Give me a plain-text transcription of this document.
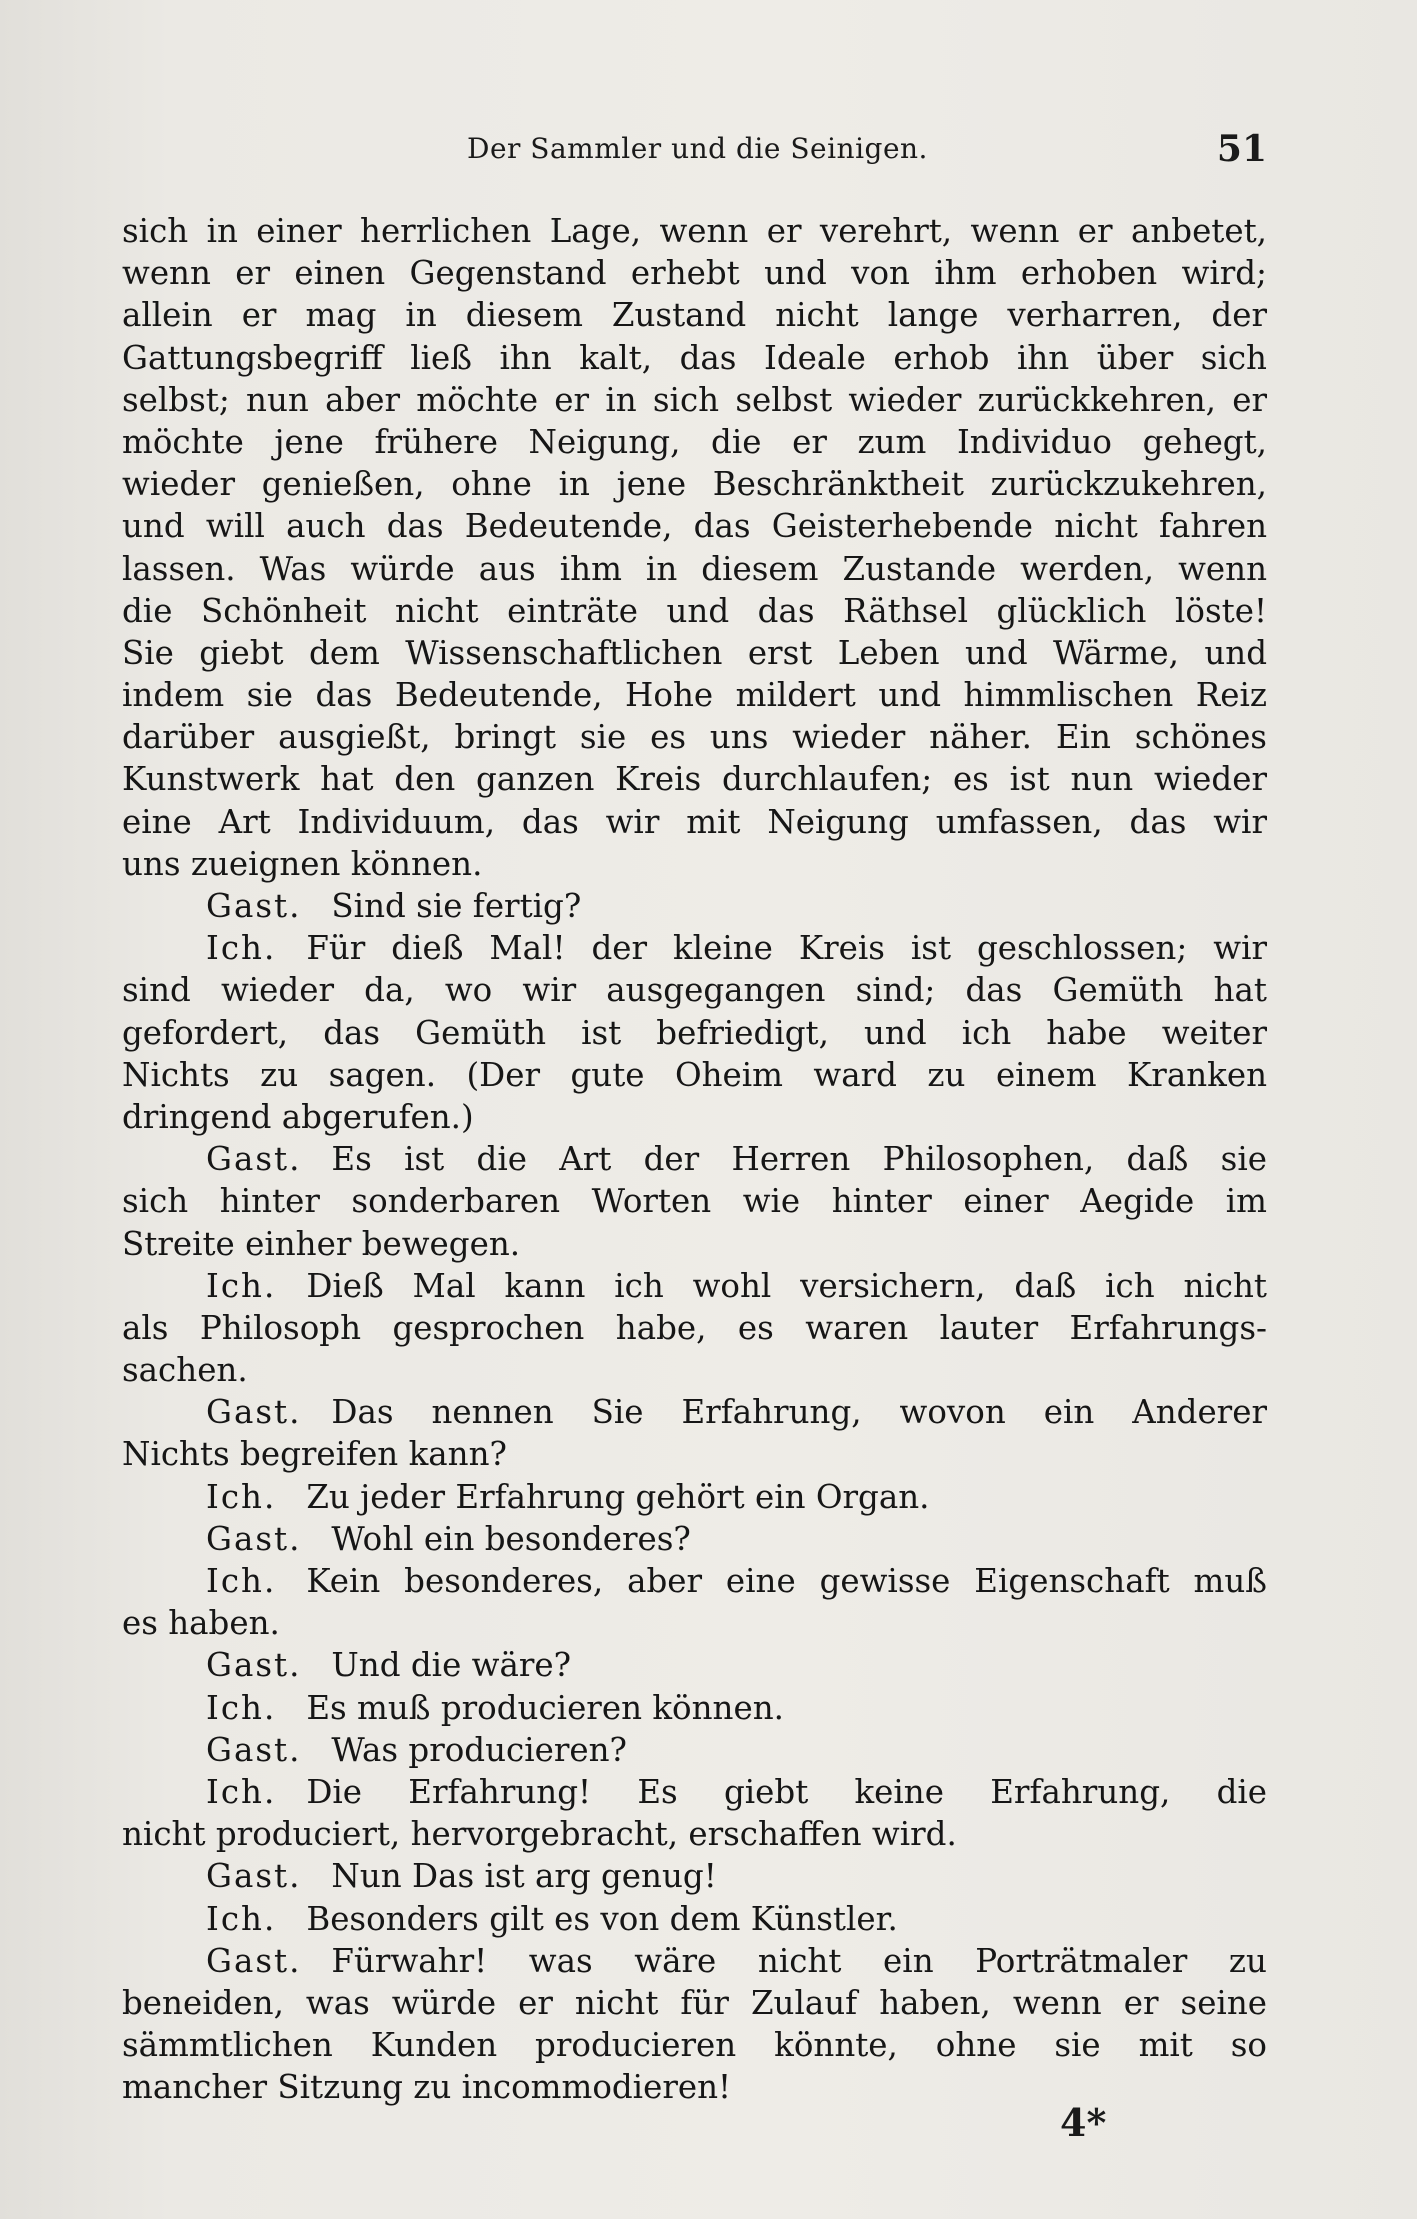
Der Sammler und die Seinigen.	51
sich in einer herrlichen Lage, wenn er verehrt, wenn er anbetet,
wenn er einen Gegenstand erhebt und von ihm erhoben wird;
allein er mag in diesem Zustand nicht lange verharren, der
Gattungsbegriff ließ ihn kalt, das Ideale erhob ihn über sich
selbst; nun aber möchte er in sich selbst wieder zurückkehren, er
möchte jene frühere Neigung, die er zum Individuo gehegt,
wieder genießen, ohne in jene Beschränktheit zurückzukehren,
und will auch das Bedeutende, das Geisterhebende nicht fahren
lassen. Was würde aus ihm in diesem Zustande werden, wenn
die Schönheit nicht einträte und das Räthsel glücklich löste!
Sie giebt dem Wissenschaftlichen erst Leben und Wärme, und
indem sie das Bedeutende, Hohe mildert und himmlischen Reiz
darüber ausgießt, bringt sie es uns wieder näher. Ein schönes
Kunstwerk hat den ganzen Kreis durchlaufen; es ist nun wieder
eine Art Individuum, das wir mit Neigung umfassen, das wir
uns zueignen können.
Gast. Sind sie fertig?
Ich. Für dieß Mal! der kleine Kreis ist geschlossen; wir
sind wieder da, wo wir ausgegangen sind; das Gemüth hat
gefordert, das Gemüth ist befriedigt, und ich habe weiter
Nichts zu sagen. (Der gute Oheim ward zu einem Kranken
dringend abgerufen.)
Gast. Es ist die Art der Herren Philosophen, daß sie
sich hinter sonderbaren Worten wie hinter einer Aegide im
Streite einher bewegen.
Ich. Dieß Mal kann ich wohl versichern, daß ich nicht
als Philosoph gesprochen habe, es waren lauter Erfahrungs-
sachen.
Gast. Das nennen Sie Erfahrung, wovon ein Anderer
Nichts begreifen kann?
Ich. Zu jeder Erfahrung gehört ein Organ.
Gast. Wohl ein besonderes?
Ich. Kein besonderes, aber eine gewisse Eigenschaft muß
es haben.
Gast. Und die wäre?
Ich. Es muß producieren können.
Gast. Was producieren?
Ich. Die Erfahrung! Es giebt keine Erfahrung, die
nicht produciert, hervorgebracht, erschaffen wird.
Gast. Nun Das ist arg genug!
Ich. Besonders gilt es von dem Künstler.
Gast. Fürwahr! was wäre nicht ein Porträtmaler zu
beneiden, was würde er nicht für Zulauf haben, wenn er seine
sämmtlichen Kunden producieren könnte, ohne sie mit so
mancher Sitzung zu incommodieren!
4*
